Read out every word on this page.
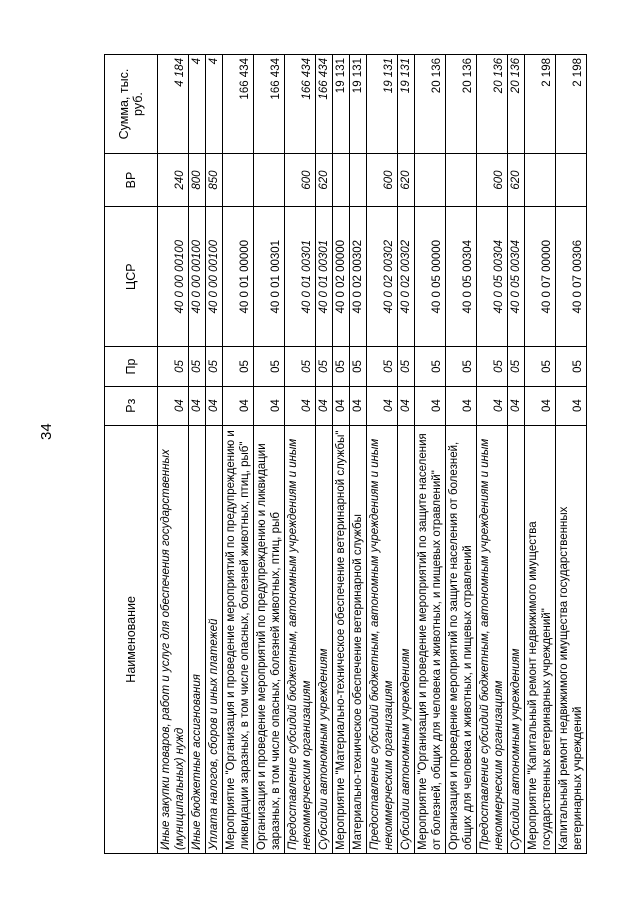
34
Наименование	Рз	Пр	ЦСР	ВР	Сумма, тыс. руб.
Иные закупки товаров, работ и услуг для обеспечения государственных (муниципальных) нужд	04	05	40 0 00 00100	240	4 184
Иные бюджетные ассигнования	04	05	40 0 00 00100	800	4
Уплата налогов, сборов и иных платежей	04	05	40 0 00 00100	850	4
Мероприятие "Организация и проведение мероприятий по предупреждению и ликвидации заразных, в том числе опасных, болезней животных, птиц, рыб"	04	05	40 0 01 00000		166 434
Организация и проведение мероприятий по предупреждению и ликвидации заразных, в том числе опасных, болезней животных, птиц, рыб	04	05	40 0 01 00301		166 434
Предоставление субсидий бюджетным, автономным учреждениям и иным некоммерческим организациям	04	05	40 0 01 00301	600	166 434
Субсидии автономным учреждениям	04	05	40 0 01 00301	620	166 434
Мероприятие "Материально-техническое обеспечение ветеринарной службы"	04	05	40 0 02 00000		19 131
Материально-техническое обеспечение ветеринарной службы	04	05	40 0 02 00302		19 131
Предоставление субсидий бюджетным, автономным учреждениям и иным некоммерческим организациям	04	05	40 0 02 00302	600	19 131
Субсидии автономным учреждениям	04	05	40 0 02 00302	620	19 131
Мероприятие "Организация и проведение мероприятий по защите населения от болезней, общих для человека и животных, и пищевых отравлений"	04	05	40 0 05 00000		20 136
Организация и проведение мероприятий по защите населения от болезней, общих для человека и животных, и пищевых отравлений	04	05	40 0 05 00304		20 136
Предоставление субсидий бюджетным, автономным учреждениям и иным некоммерческим организациям	04	05	40 0 05 00304	600	20 136
Субсидии автономным учреждениям	04	05	40 0 05 00304	620	20 136
Мероприятие "Капитальный ремонт недвижимого имущества государственных ветеринарных учреждений"	04	05	40 0 07 00000		2 198
Капитальный ремонт недвижимого имущества государственных ветеринарных учреждений	04	05	40 0 07 00306		2 198
